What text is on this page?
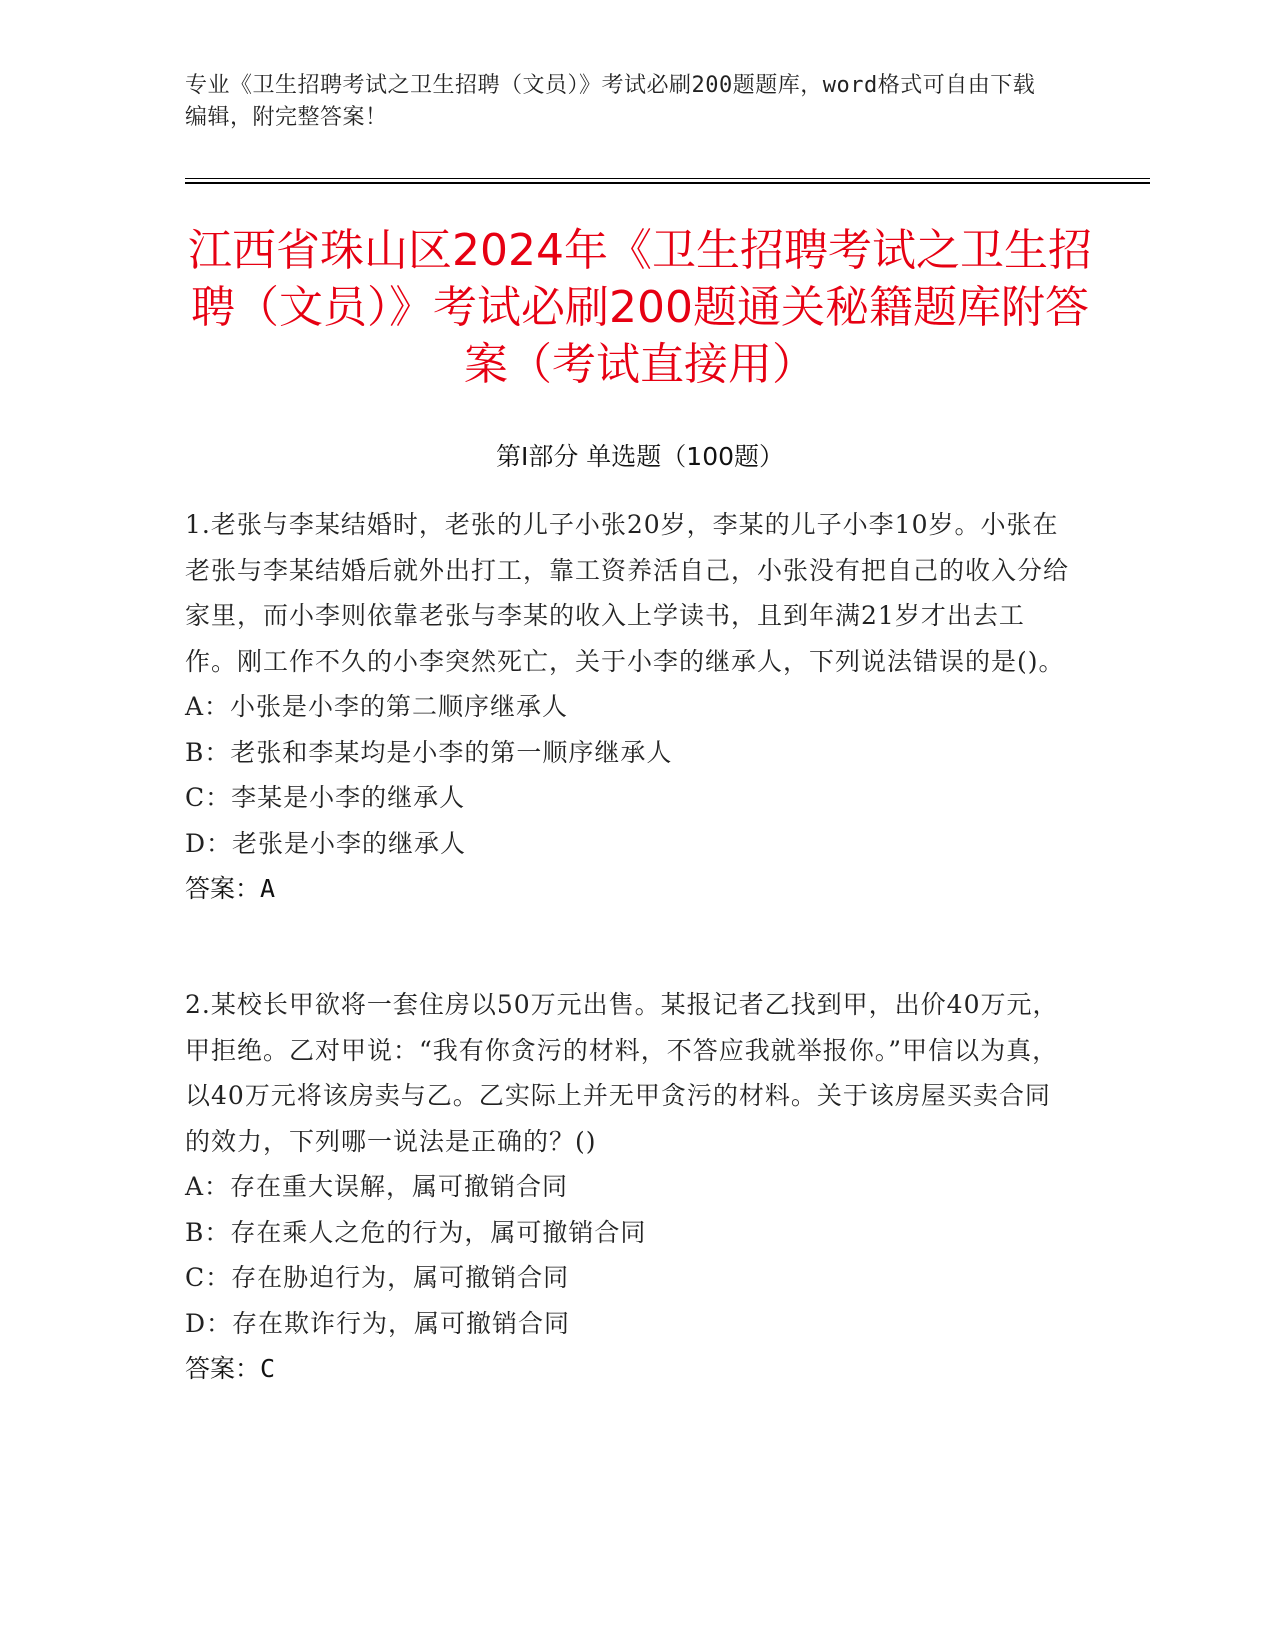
专业《卫生招聘考试之卫生招聘（文员）》考试必刷200题题库，word格式可自由下载编辑，附完整答案！
江西省珠山区2024年《卫生招聘考试之卫生招聘（文员）》考试必刷200题通关秘籍题库附答案（考试直接用）
第Ⅰ部分 单选题（100题）
1.老张与李某结婚时，老张的儿子小张20岁，李某的儿子小李10岁。小张在老张与李某结婚后就外出打工，靠工资养活自己，小张没有把自己的收入分给家里，而小李则依靠老张与李某的收入上学读书，且到年满21岁才出去工作。刚工作不久的小李突然死亡，关于小李的继承人，下列说法错误的是()。
A：小张是小李的第二顺序继承人
B：老张和李某均是小李的第一顺序继承人
C：李某是小李的继承人
D：老张是小李的继承人
答案：A
2.某校长甲欲将一套住房以50万元出售。某报记者乙找到甲，出价40万元，甲拒绝。乙对甲说：“我有你贪污的材料，不答应我就举报你。”甲信以为真，以40万元将该房卖与乙。乙实际上并无甲贪污的材料。关于该房屋买卖合同的效力，下列哪一说法是正确的？()
A：存在重大误解，属可撤销合同
B：存在乘人之危的行为，属可撤销合同
C：存在胁迫行为，属可撤销合同
D：存在欺诈行为，属可撤销合同
答案：C
